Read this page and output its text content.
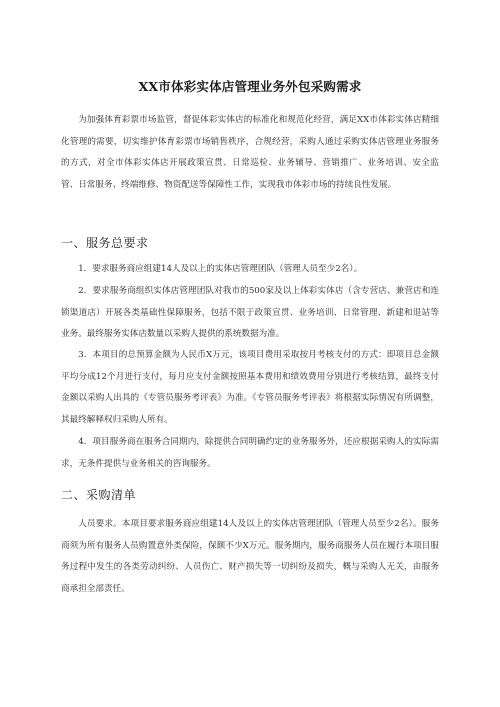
XX市体彩实体店管理业务外包采购需求

为加强体育彩票市场监管，督促体彩实体店的标准化和规范化经营，满足XX市体彩实体店精细化管理的需要，切实维护体育彩票市场销售秩序，合规经营，采购人通过采购实体店管理业务服务的方式，对全市体彩实体店开展政策宣贯、日常巡检、业务辅导、营销推广、业务培训、安全监管、日常服务、终端维修、物资配送等保障性工作，实现我市体彩市场的持续良性发展。

一、服务总要求

1．要求服务商应组建14人及以上的实体店管理团队（管理人员至少2名）。

2．要求服务商组织实体店管理团队对我市的500家及以上体彩实体店（含专营店、兼营店和连锁渠道店）开展各类基础性保障服务，包括不限于政策宣贯、业务培训、日常管理、新建和退站等业务。最终服务实体店数量以采购人提供的系统数据为准。

3．本项目的总预算金额为人民币X万元，该项目费用采取按月考核支付的方式：即项目总金额平均分成12个月进行支付，每月应支付金额按照基本费用和绩效费用分别进行考核结算，最终支付金额以采购人出具的《专管员服务考评表》为准。《专管员服务考评表》将根据实际情况有所调整，其最终解释权归采购人所有。

4．项目服务商在服务合同期内，除提供合同明确约定的业务服务外，还应根据采购人的实际需求，无条件提供与业务相关的咨询服务。

二、采购清单

人员要求。本项目要求服务商应组建14人及以上的实体店管理团队（管理人员至少2名）。服务商须为所有服务人员购置意外类保险，保额不少X万元。服务期内，服务商服务人员在履行本项目服务过程中发生的各类劳动纠纷、人员伤亡、财产损失等一切纠纷及损失，概与采购人无关，由服务商承担全部责任。
